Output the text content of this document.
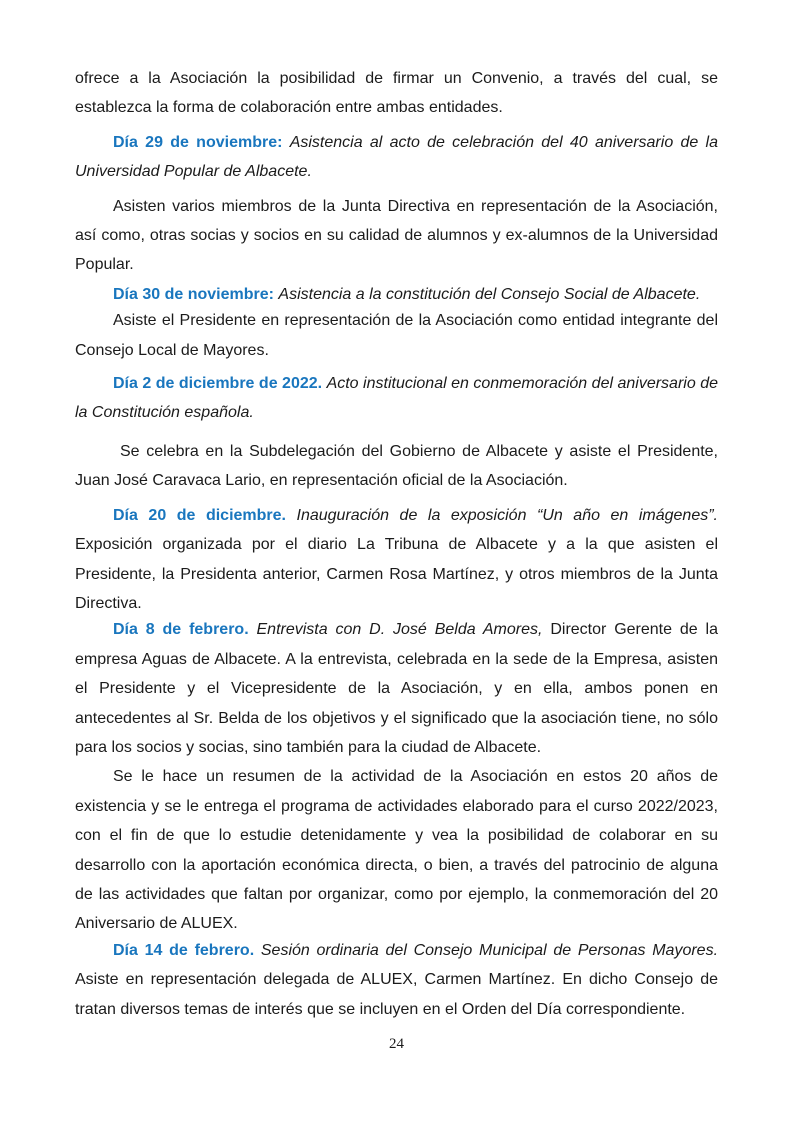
ofrece a la Asociación la posibilidad de firmar un Convenio, a través del cual, se establezca la forma de colaboración entre ambas entidades.

Día 29 de noviembre: Asistencia al acto de celebración del 40 aniversario de la Universidad Popular de Albacete.

Asisten varios miembros de la Junta Directiva en representación de la Asociación, así como, otras socias y socios en su calidad de alumnos y ex-alumnos de la Universidad Popular.

Día 30 de noviembre: Asistencia a la constitución del Consejo Social de Albacete.

Asiste el Presidente en representación de la Asociación como entidad integrante del Consejo Local de Mayores.

Día 2 de diciembre de 2022. Acto institucional en conmemoración del aniversario de la Constitución española.

Se celebra en la Subdelegación del Gobierno de Albacete y asiste el Presidente, Juan José Caravaca Lario, en representación oficial de la Asociación.

Día 20 de diciembre. Inauguración de la exposición “Un año en imágenes”. Exposición organizada por el diario La Tribuna de Albacete y a la que asisten el Presidente, la Presidenta anterior, Carmen Rosa Martínez, y otros miembros de la Junta Directiva.

Día 8 de febrero. Entrevista con D. José Belda Amores, Director Gerente de la empresa Aguas de Albacete. A la entrevista, celebrada en la sede de la Empresa, asisten el Presidente y el Vicepresidente de la Asociación, y en ella, ambos ponen en antecedentes al Sr. Belda de los objetivos y el significado que la asociación tiene, no sólo para los socios y socias, sino también para la ciudad de Albacete.

Se le hace un resumen de la actividad de la Asociación en estos 20 años de existencia y se le entrega el programa de actividades elaborado para el curso 2022/2023, con el fin de que lo estudie detenidamente y vea la posibilidad de colaborar en su desarrollo con la aportación económica directa, o bien, a través del patrocinio de alguna de las actividades que faltan por organizar, como por ejemplo, la conmemoración del 20 Aniversario de ALUEX.

Día 14 de febrero. Sesión ordinaria del Consejo Municipal de Personas Mayores. Asiste en representación delegada de ALUEX, Carmen Martínez. En dicho Consejo de tratan diversos temas de interés que se incluyen en el Orden del Día correspondiente.

24
